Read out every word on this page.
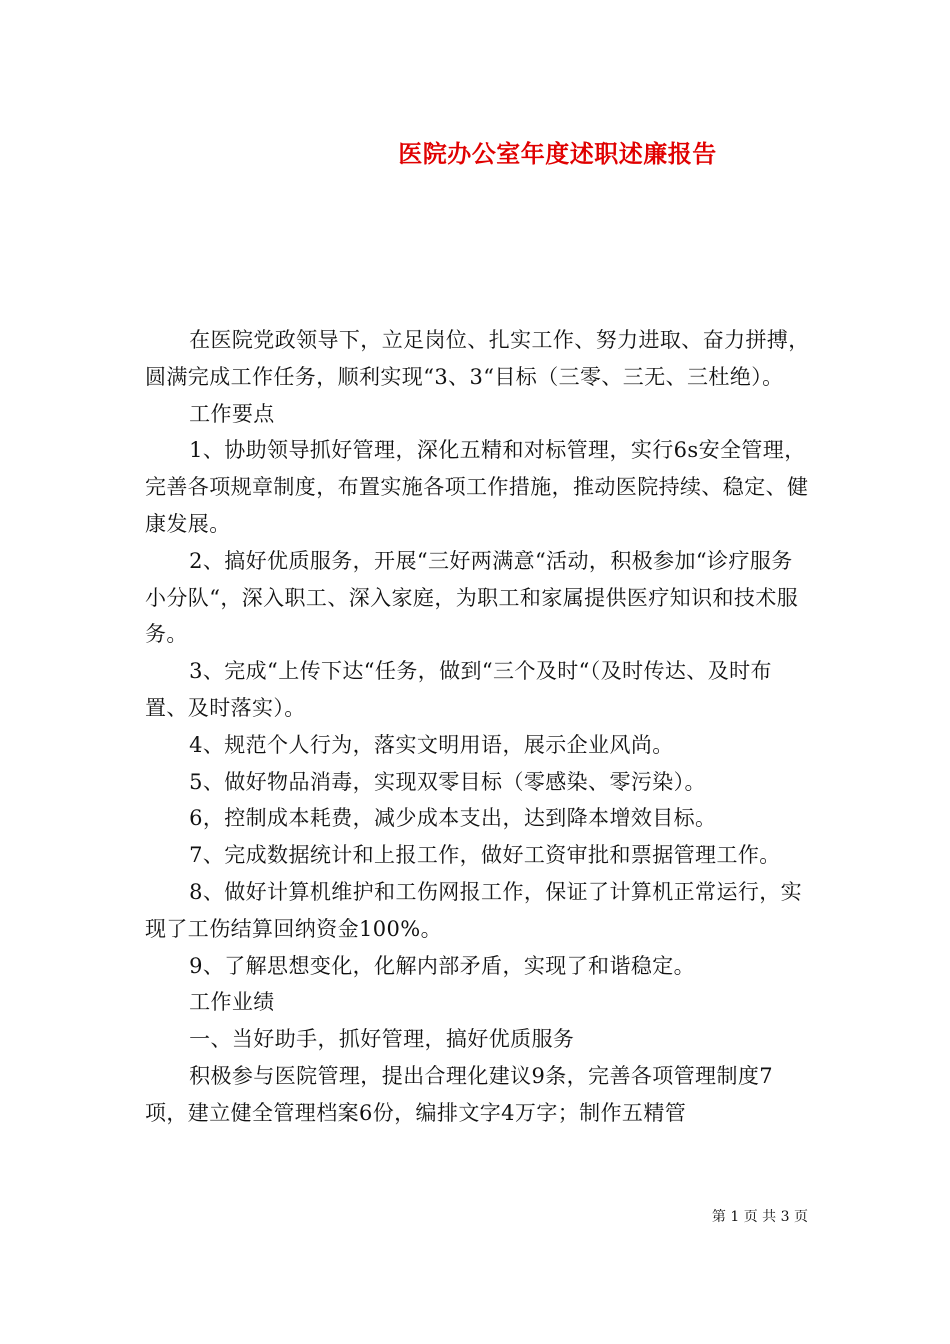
医院办公室年度述职述廉报告

在医院党政领导下，立足岗位、扎实工作、努力进取、奋力拼搏，圆满完成工作任务，顺利实现“3、3“目标（三零、三无、三杜绝）。

工作要点

1、协助领导抓好管理，深化五精和对标管理，实行6s安全管理，完善各项规章制度，布置实施各项工作措施，推动医院持续、稳定、健康发展。

2、搞好优质服务，开展“三好两满意“活动，积极参加“诊疗服务小分队“，深入职工、深入家庭，为职工和家属提供医疗知识和技术服务。

3、完成“上传下达“任务，做到“三个及时“（及时传达、及时布置、及时落实）。

4、规范个人行为，落实文明用语，展示企业风尚。

5、做好物品消毒，实现双零目标（零感染、零污染）。

6，控制成本耗费，减少成本支出，达到降本增效目标。

7、完成数据统计和上报工作，做好工资审批和票据管理工作。

8、做好计算机维护和工伤网报工作，保证了计算机正常运行，实现了工伤结算回纳资金100%。

9、了解思想变化，化解内部矛盾，实现了和谐稳定。

工作业绩

一、当好助手，抓好管理，搞好优质服务

积极参与医院管理，提出合理化建议9条，完善各项管理制度7项，建立健全管理档案6份，编排文字4万字；制作五精管

第 1 页 共 3 页
